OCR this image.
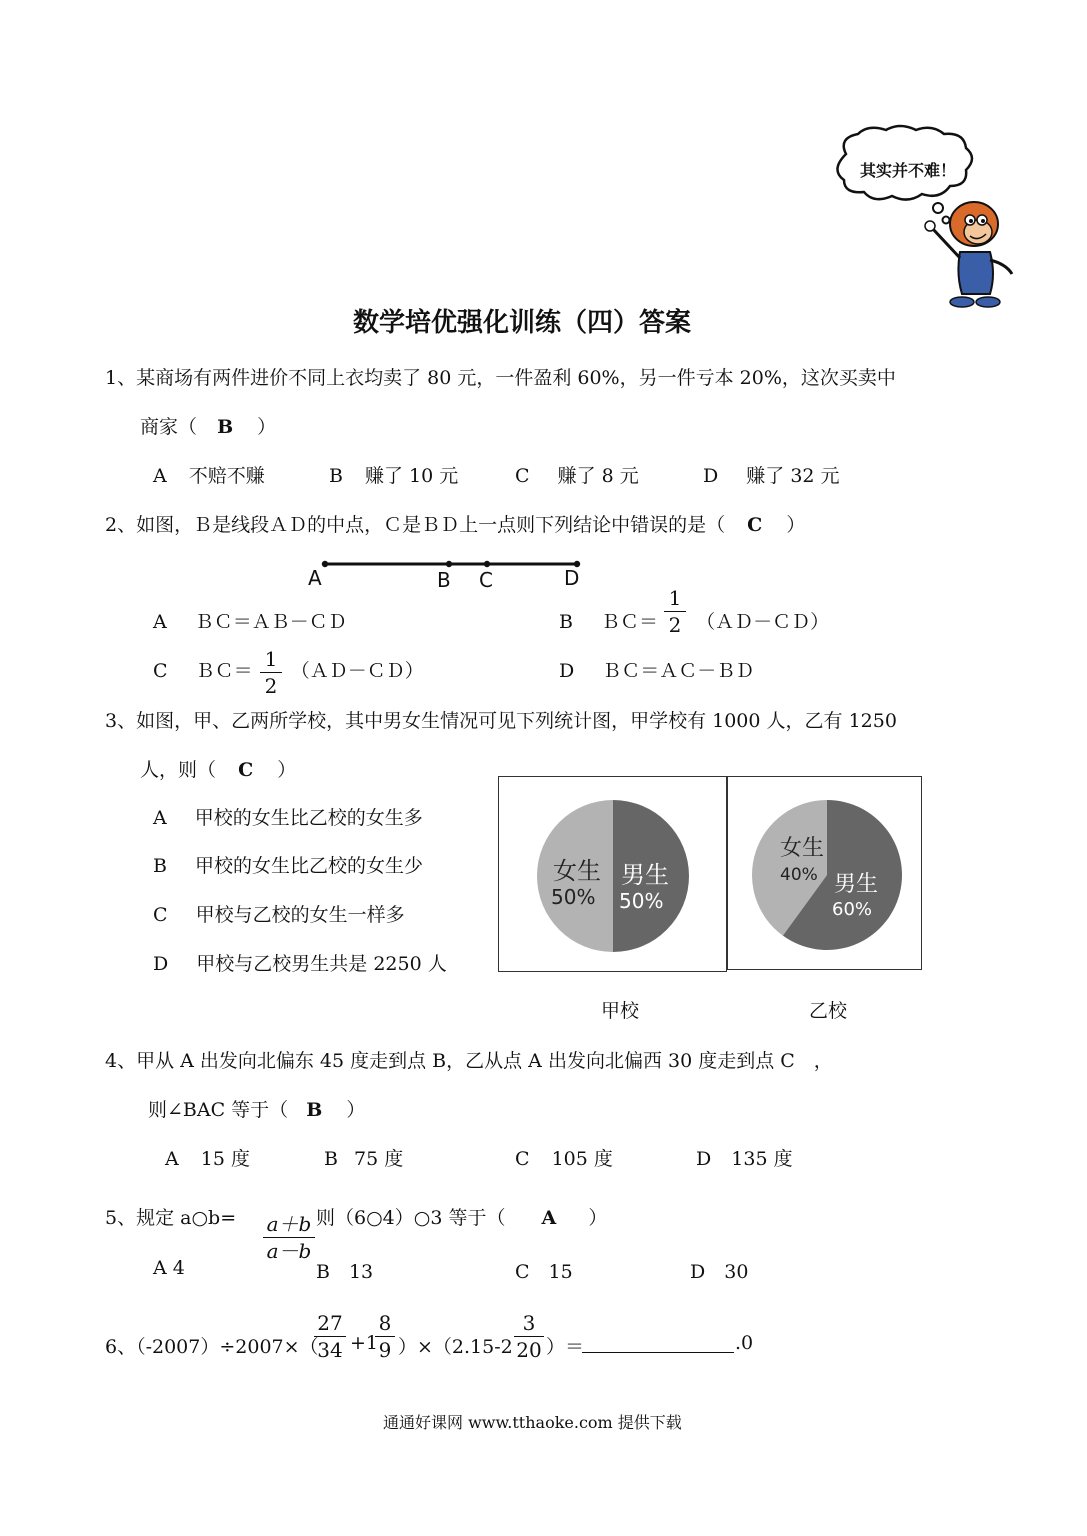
其实并不难！
数学培优强化训练（四）答案
1、某商场有两件进价不同上衣均卖了 80 元，一件盈利 60%，另一件亏本 20%，这次买卖中
商家（ B ）
A 不赔不赚	B 赚了 10 元	C 赚了 8 元	D 赚了 32 元
2、如图，Ｂ是线段ＡＤ的中点，Ｃ是ＢＤ上一点则下列结论中错误的是（ C ）
A	B C	D
A ＢＣ＝ＡＢ－ＣＤ	B ＢＣ＝ （ＡＤ－ＣＤ）
1
2
C ＢＣ＝ （ＡＤ－ＣＤ）
1
2
D ＢＣ＝ＡＣ－ＢＤ
3、如图，甲、乙两所学校，其中男女生情况可见下列统计图，甲学校有 1000 人，乙有 1250
人，则（ C ）
A 甲校的女生比乙校的女生多
B 甲校的女生比乙校的女生少
C 甲校与乙校的女生一样多
D 甲校与乙校男生共是 2250 人
女生
50%
男生
50%
女生
40% 男生
60%
甲校	乙校
4、甲从 A 出发向北偏东 45 度走到点 B，乙从点 A 出发向北偏西 30 度走到点 C　，
则∠BAC 等于（ B ）
A 15 度	B 75 度	C 105 度	D 135 度
5、规定 a○b= a＋b
a－b
则（6○4）○3 等于（ A ）
A 4	B　13	C　15	D　30
6、（-2007）÷2007×（
27
34 +1
8
9 ）×（2.15-2
3
20 ）＝	.0
通通好课网 www.tthaoke.com 提供下载
